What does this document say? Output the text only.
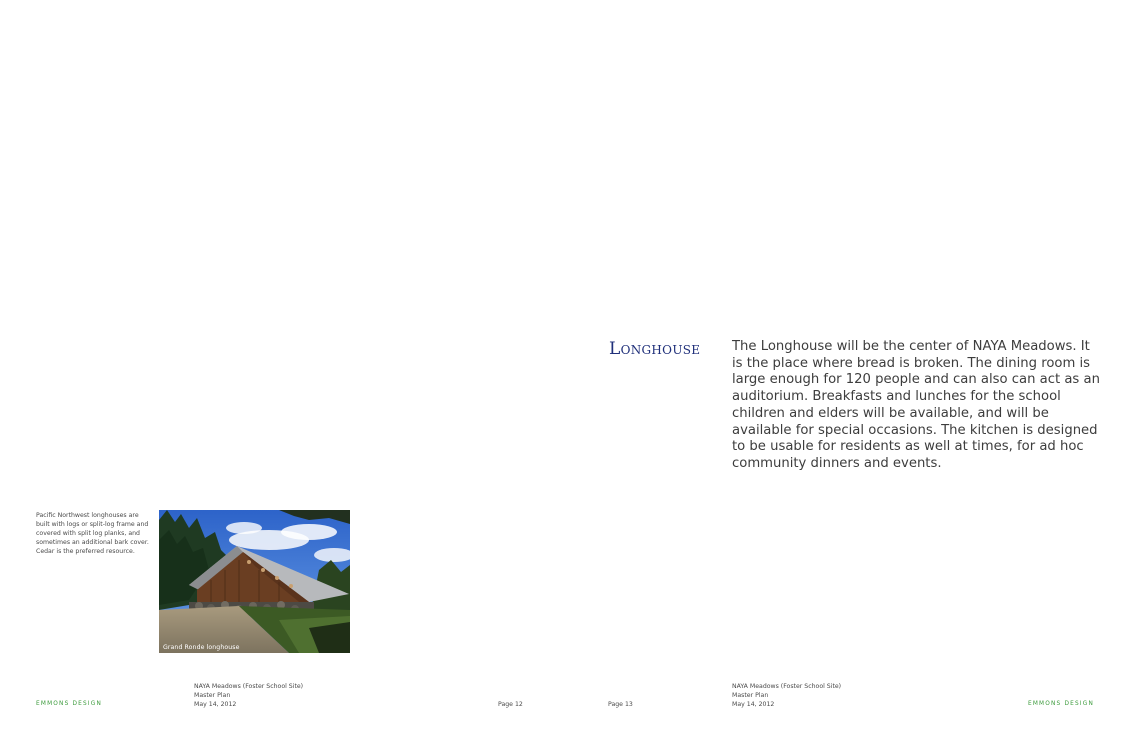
Pacific Northwest longhouses are built with logs or split-log frame and covered with split log planks, and sometimes an additional bark cover. Cedar is the preferred resource.

Grand Ronde longhouse
EMMONS DESIGN
NAYA Meadows (Foster School Site)
Master Plan
May 14, 2012	Page 12
Longhouse The Longhouse will be the center of NAYA Meadows. It is the place where bread is broken. The dining room is large enough for 120 people and can also can act as an auditorium. Breakfasts and lunches for the school children and elders will be available, and will be available for special occasions. The kitchen is designed to be usable for residents as well at times, for ad hoc community dinners and events.

Page 13
NAYA Meadows (Foster School Site)
Master Plan
May 14, 2012	EMMONS DESIGN
